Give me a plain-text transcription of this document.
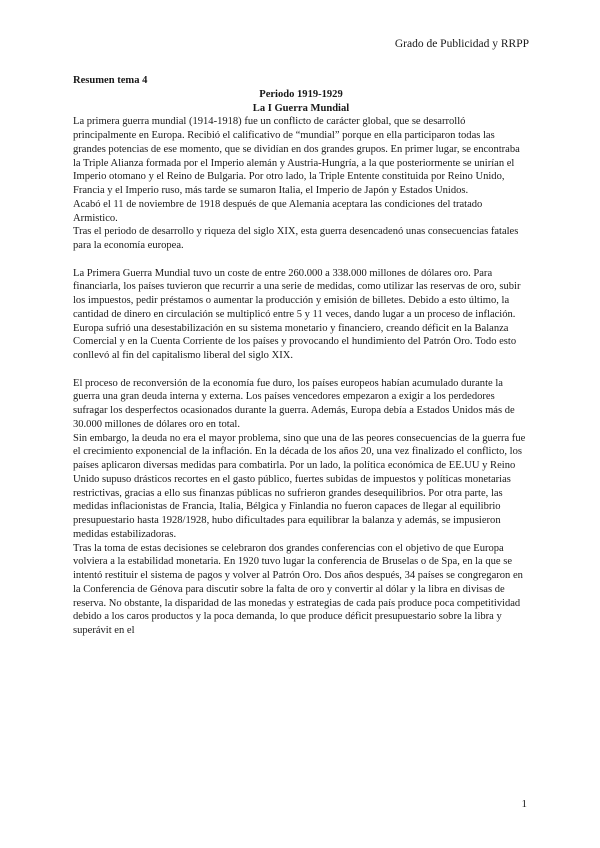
Grado de Publicidad y RRPP

Resumen tema 4

Periodo 1919-1929

La I Guerra Mundial

La primera guerra mundial (1914-1918) fue un conflicto de carácter global, que se desarrolló principalmente en Europa. Recibió el calificativo de “mundial” porque en ella participaron todas las grandes potencias de ese momento, que se dividían en dos grandes grupos. En primer lugar, se encontraba la Triple Alianza formada por el Imperio alemán y Austria-Hungría, a la que posteriormente se unirían el Imperio otomano y el Reino de Bulgaria. Por otro lado, la Triple Entente constituida por Reino Unido, Francia y el Imperio ruso, más tarde se sumaron Italia, el Imperio de Japón y Estados Unidos.

Acabó el 11 de noviembre de 1918 después de que Alemania aceptara las condiciones del tratado Armistico.

Tras el periodo de desarrollo y riqueza del siglo XIX, esta guerra desencadenó unas consecuencias fatales para la economía europea.

La Primera Guerra Mundial tuvo un coste de entre 260.000 a 338.000 millones de dólares oro. Para financiarla, los países tuvieron que recurrir a una serie de medidas, como utilizar las reservas de oro, subir los impuestos, pedir préstamos o aumentar la producción y emisión de billetes. Debido a esto último, la cantidad de dinero en circulación se multiplicó entre 5 y 11 veces, dando lugar a un proceso de inflación.

Europa sufrió una desestabilización en su sistema monetario y financiero, creando déficit en la Balanza Comercial y en la Cuenta Corriente de los países y provocando el hundimiento del Patrón Oro. Todo esto conllevó al fin del capitalismo liberal del siglo XIX.

El proceso de reconversión de la economía fue duro, los países europeos habían acumulado durante la guerra una gran deuda interna y externa. Los países vencedores empezaron a exigir a los perdedores sufragar los desperfectos ocasionados durante la guerra. Además, Europa debía a Estados Unidos más de 30.000 millones de dólares oro en total.

Sin embargo, la deuda no era el mayor problema, sino que una de las peores consecuencias de la guerra fue el crecimiento exponencial de la inflación. En la década de los años 20, una vez finalizado el conflicto, los países aplicaron diversas medidas para combatirla. Por un lado, la política económica de EE.UU y Reino Unido supuso drásticos recortes en el gasto público, fuertes subidas de impuestos y políticas monetarias restrictivas, gracias a ello sus finanzas públicas no sufrieron grandes desequilibrios. Por otra parte, las medidas inflacionistas de Francia, Italia, Bélgica y Finlandia no fueron capaces de llegar al equilibrio presupuestario hasta 1928/1928, hubo dificultades para equilibrar la balanza y además, se impusieron medidas estabilizadoras.

Tras la toma de estas decisiones se celebraron dos grandes conferencias con el objetivo de que Europa volviera a la estabilidad monetaria. En 1920 tuvo lugar la conferencia de Bruselas o de Spa, en la que se intentó restituir el sistema de pagos y volver al Patrón Oro. Dos años después, 34 países se congregaron en la Conferencia de Génova para discutir sobre la falta de oro y convertir al dólar y la libra en divisas de reserva. No obstante, la disparidad de las monedas y estrategias de cada país produce poca competitividad debido a los caros productos y la poca demanda, lo que produce déficit presupuestario sobre la libra y superávit en el

1
